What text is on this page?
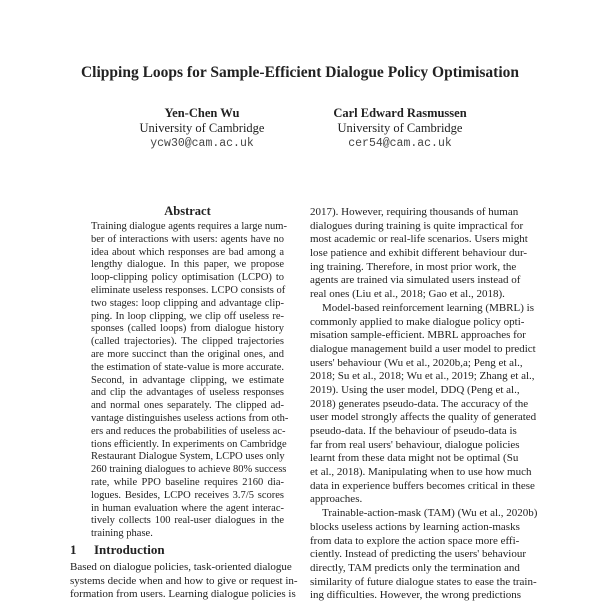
Clipping Loops for Sample-Efficient Dialogue Policy Optimisation
Yen-Chen Wu
University of Cambridge
ycw30@cam.ac.uk
Carl Edward Rasmussen
University of Cambridge
cer54@cam.ac.uk
Abstract
Training dialogue agents requires a large num-
ber of interactions with users: agents have no
idea about which responses are bad among a
lengthy dialogue. In this paper, we propose
loop-clipping policy optimisation (LCPO) to
eliminate useless responses. LCPO consists of
two stages: loop clipping and advantage clip-
ping. In loop clipping, we clip off useless re-
sponses (called loops) from dialogue history
(called trajectories). The clipped trajectories
are more succinct than the original ones, and
the estimation of state-value is more accurate.
Second, in advantage clipping, we estimate
and clip the advantages of useless responses
and normal ones separately. The clipped ad-
vantage distinguishes useless actions from oth-
ers and reduces the probabilities of useless ac-
tions efficiently. In experiments on Cambridge
Restaurant Dialogue System, LCPO uses only
260 training dialogues to achieve 80% success
rate, while PPO baseline requires 2160 dia-
logues. Besides, LCPO receives 3.7/5 scores
in human evaluation where the agent interac-
tively collects 100 real-user dialogues in the
training phase.
1 Introduction
Based on dialogue policies, task-oriented dialogue
systems decide when and how to give or request in-
formation from users. Learning dialogue policies is
2017). However, requiring thousands of human
dialogues during training is quite impractical for
most academic or real-life scenarios. Users might
lose patience and exhibit different behaviour dur-
ing training. Therefore, in most prior work, the
agents are trained via simulated users instead of
real ones (Liu et al., 2018; Gao et al., 2018).
Model-based reinforcement learning (MBRL) is
commonly applied to make dialogue policy opti-
misation sample-efficient. MBRL approaches for
dialogue management build a user model to predict
users' behaviour (Wu et al., 2020b,a; Peng et al.,
2018; Su et al., 2018; Wu et al., 2019; Zhang et al.,
2019). Using the user model, DDQ (Peng et al.,
2018) generates pseudo-data. The accuracy of the
user model strongly affects the quality of generated
pseudo-data. If the behaviour of pseudo-data is
far from real users' behaviour, dialogue policies
learnt from these data might not be optimal (Su
et al., 2018). Manipulating when to use how much
data in experience buffers becomes critical in these
approaches.
Trainable-action-mask (TAM) (Wu et al., 2020b)
blocks useless actions by learning action-masks
from data to explore the action space more effi-
ciently. Instead of predicting the users' behaviour
directly, TAM predicts only the termination and
similarity of future dialogue states to ease the train-
ing difficulties. However, the wrong predictions
